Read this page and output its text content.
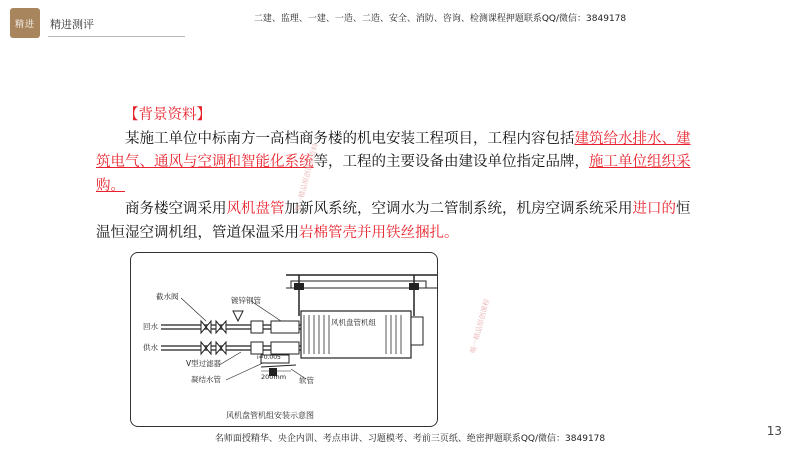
精进 精进测评	二建、监理、一建、一造、二造、安全、消防、咨询、检测课程押题联系QQ/微信：3849178
【背景资料】

某施工单位中标南方一高档商务楼的机电安装工程项目，工程内容包括建筑给水排水、建筑电气、通风与空调和智能化系统等，工程的主要设备由建设单位指定品牌，施工单位组织采购。

商务楼空调采用风机盘管加新风系统，空调水为二管制系统，机房空调系统采用进口的恒温恒湿空调机组，管道保温采用岩棉管壳并用铁丝捆扎。

唯一精品原创课程资料
唯一精品原创课程
风机盘管机组
截水阀	镀锌钢管
回水
供水
V型过滤器
凝结水管
i=0.005
200mm 软管
风机盘管机组安装示意图
名师面授精华、央企内训、考点串讲、习题模考、考前三页纸、绝密押题联系QQ/微信：3849178
13
